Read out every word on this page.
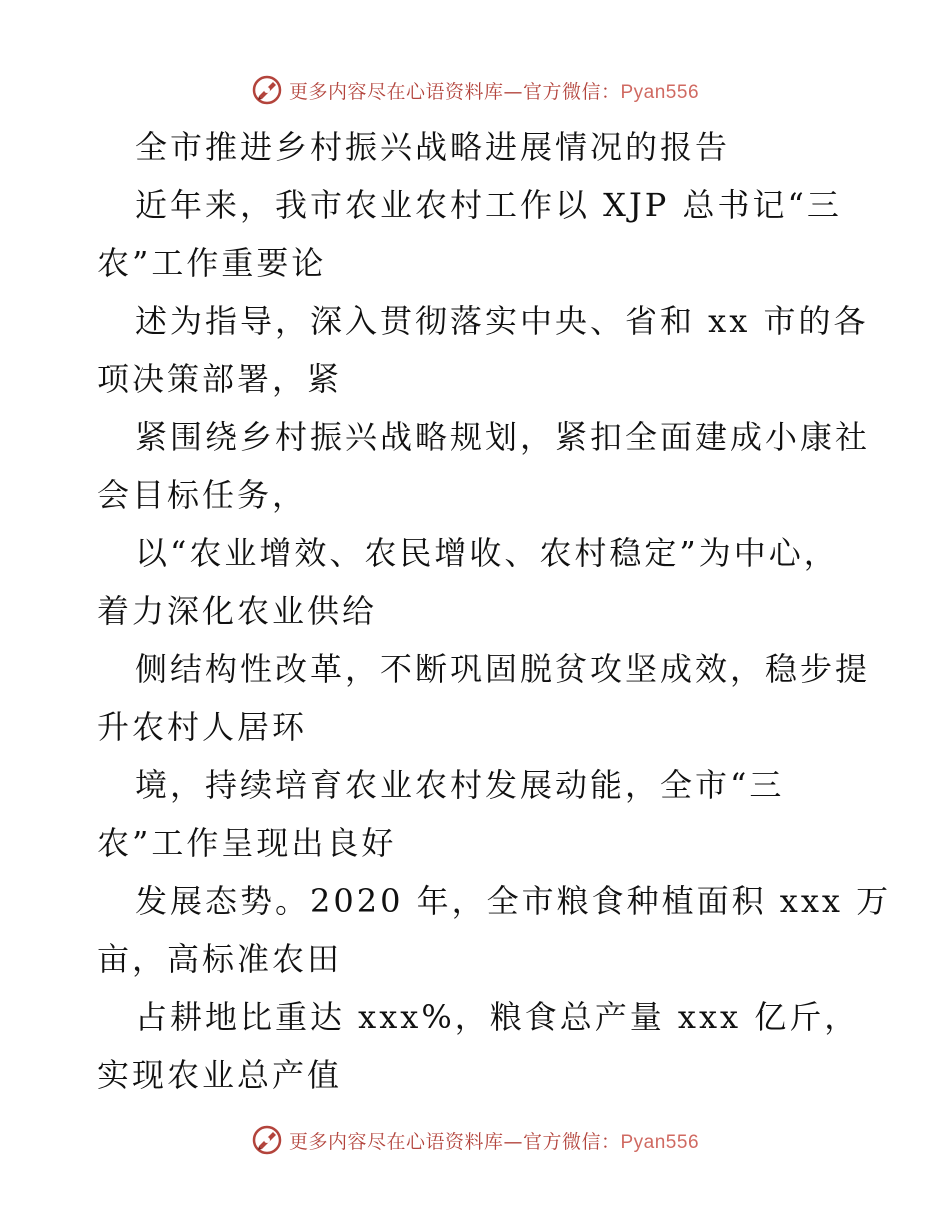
更多内容尽在心语资料库—官方微信：Pyan556
全市推进乡村振兴战略进展情况的报告
近年来，我市农业农村工作以 XJP 总书记“三
农”工作重要论
述为指导，深入贯彻落实中央、省和 xx 市的各
项决策部署，紧
紧围绕乡村振兴战略规划，紧扣全面建成小康社
会目标任务，
以“农业增效、农民增收、农村稳定”为中心，
着力深化农业供给
侧结构性改革，不断巩固脱贫攻坚成效，稳步提
升农村人居环
境，持续培育农业农村发展动能，全市“三
农”工作呈现出良好
发展态势。2020 年，全市粮食种植面积 xxx 万
亩，高标准农田
占耕地比重达 xxx%，粮食总产量 xxx 亿斤，
实现农业总产值
更多内容尽在心语资料库—官方微信：Pyan556
